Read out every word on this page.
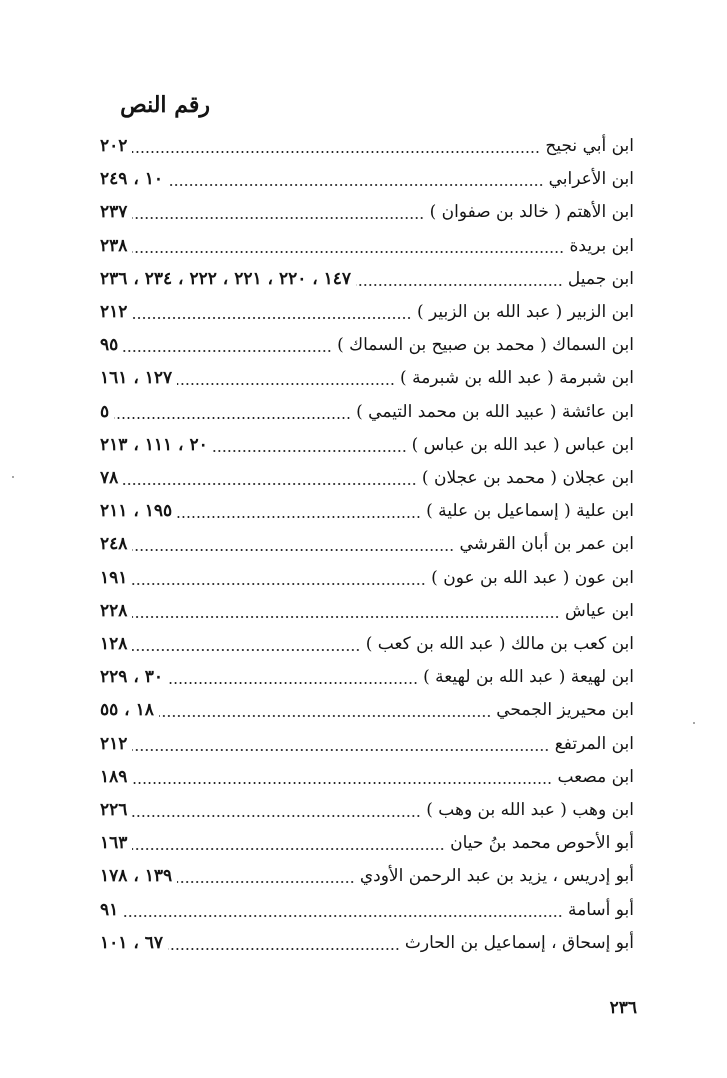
رقم النص
ابن أبي نجيح
٢٠٢
ابن الأعرابي
١٠ ، ٢٤٩
ابن الأهتم ( خالد بن صفوان )
٢٣٧
ابن بريدة
٢٣٨
ابن جميل
١٤٧ ، ٢٢٠ ، ٢٢١ ، ٢٢٢ ، ٢٣٤ ، ٢٣٦
ابن الزبير ( عبد الله بن الزبير )
٢١٢
ابن السماك ( محمد بن صبيح بن السماك )
٩٥
ابن شبرمة ( عبد الله بن شبرمة )
١٢٧ ، ١٦١
ابن عائشة ( عبيد الله بن محمد التيمي )
٥
ابن عباس ( عبد الله بن عباس )
٢٠ ، ١١١ ، ٢١٣
ابن عجلان ( محمد بن عجلان )
٧٨
ابن علية ( إسماعيل بن علية )
١٩٥ ، ٢١١
ابن عمر بن أبان القرشي
٢٤٨
ابن عون ( عبد الله بن عون )
١٩١
ابن عياش
٢٢٨
ابن كعب بن مالك ( عبد الله بن كعب )
١٢٨
ابن لهيعة ( عبد الله بن لهيعة )
٣٠ ، ٢٢٩
ابن محيريز الجمحي
١٨ ، ٥٥
ابن المرتفع
٢١٢
ابن مصعب
١٨٩
ابن وهب ( عبد الله بن وهب )
٢٢٦
أبو الأحوص محمد بنُ حيان
١٦٣
أبو إدريس ، يزيد بن عبد الرحمن الأودي
١٣٩ ، ١٧٨
أبو أسامة
٩١
أبو إسحاق ، إسماعيل بن الحارث
٦٧ ، ١٠١
٢٣٦
